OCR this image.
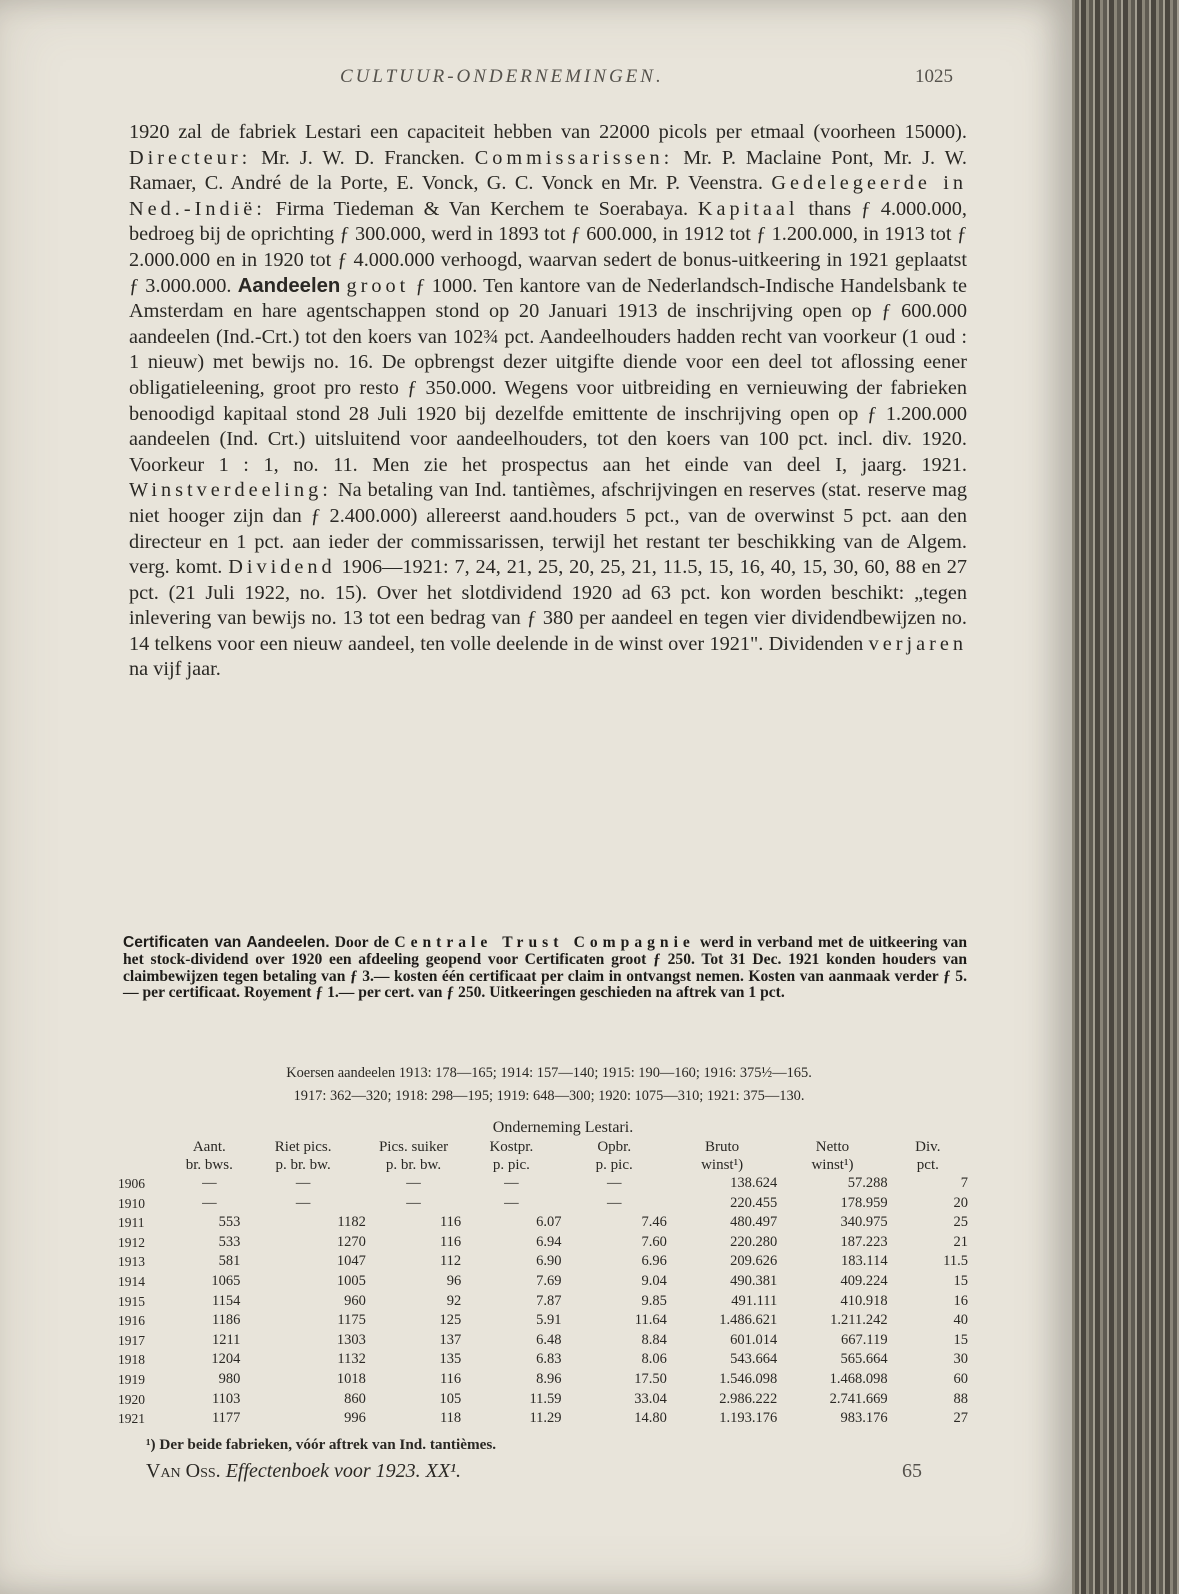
CULTUUR-ONDERNEMINGEN.	1025

1920 zal de fabriek Lestari een capaciteit hebben van 22000 picols per etmaal (voorheen 15000). Directeur: Mr. J. W. D. Francken. Commissarissen: Mr. P. Maclaine Pont, Mr. J. W. Ramaer, C. André de la Porte, E. Vonck, G. C. Vonck en Mr. P. Veenstra. Gedelegeerde in Ned.-Indië: Firma Tiedeman & Van Kerchem te Soerabaya. Kapitaal thans ƒ 4.000.000, bedroeg bij de oprichting ƒ 300.000, werd in 1893 tot ƒ 600.000, in 1912 tot ƒ 1.200.000, in 1913 tot ƒ 2.000.000 en in 1920 tot ƒ 4.000.000 verhoogd, waarvan sedert de bonus-uitkeering in 1921 geplaatst ƒ 3.000.000. Aandeelen groot ƒ 1000. Ten kantore van de Nederlandsch-Indische Handelsbank te Amsterdam en hare agentschappen stond op 20 Januari 1913 de inschrijving open op ƒ 600.000 aandeelen (Ind.-Crt.) tot den koers van 102¾ pct. Aandeelhouders hadden recht van voorkeur (1 oud : 1 nieuw) met bewijs no. 16. De opbrengst dezer uitgifte diende voor een deel tot aflossing eener obligatieleening, groot pro resto ƒ 350.000. Wegens voor uitbreiding en vernieuwing der fabrieken benoodigd kapitaal stond 28 Juli 1920 bij dezelfde emittente de inschrijving open op ƒ 1.200.000 aandeelen (Ind. Crt.) uitsluitend voor aandeelhouders, tot den koers van 100 pct. incl. div. 1920. Voorkeur 1 : 1, no. 11. Men zie het prospectus aan het einde van deel I, jaarg. 1921. Winstverdeeling: Na betaling van Ind. tantièmes, afschrijvingen en reserves (stat. reserve mag niet hooger zijn dan ƒ 2.400.000) allereerst aand.houders 5 pct., van de overwinst 5 pct. aan den directeur en 1 pct. aan ieder der commissarissen, terwijl het restant ter beschikking van de Algem. verg. komt. Dividend 1906—1921: 7, 24, 21, 25, 20, 25, 21, 11.5, 15, 16, 40, 15, 30, 60, 88 en 27 pct. (21 Juli 1922, no. 15). Over het slotdividend 1920 ad 63 pct. kon worden beschikt: „tegen inlevering van bewijs no. 13 tot een bedrag van ƒ 380 per aandeel en tegen vier dividendbewijzen no. 14 telkens voor een nieuw aandeel, ten volle deelende in de winst over 1921". Dividenden verjaren na vijf jaar.

Certificaten van Aandeelen. Door de Centrale Trust Compagnie werd in verband met de uitkeering van het stock-dividend over 1920 een afdeeling geopend voor Certificaten groot ƒ 250. Tot 31 Dec. 1921 konden houders van claimbewijzen tegen betaling van ƒ 3.— kosten één certificaat per claim in ontvangst nemen. Kosten van aanmaak verder ƒ 5.— per certificaat. Royement ƒ 1.— per cert. van ƒ 250. Uitkeeringen geschieden na aftrek van 1 pct.
Koersen aandeelen 1913: 178—165; 1914: 157—140; 1915: 190—160; 1916: 375½—165.
1917: 362—320; 1918: 298—195; 1919: 648—300; 1920: 1075—310; 1921: 375—130.
Onderneming Lestari.
	Aant.	Riet pics.	Pics. suiker	Kostpr.	Opbr.	Bruto	Netto	Div.
	br. bws.	p. br. bw.	p. br. bw.	p. pic.	p. pic.	winst¹)	winst¹)	pct.
1906	—	—	—	—	—	138.624	57.288	7
1910	—	—	—	—	—	220.455	178.959	20
1911	553	1182	116	6.07	7.46	480.497	340.975	25
1912	533	1270	116	6.94	7.60	220.280	187.223	21
1913	581	1047	112	6.90	6.96	209.626	183.114	11.5
1914	1065	1005	96	7.69	9.04	490.381	409.224	15
1915	1154	960	92	7.87	9.85	491.111	410.918	16
1916	1186	1175	125	5.91	11.64	1.486.621	1.211.242	40
1917	1211	1303	137	6.48	8.84	601.014	667.119	15
1918	1204	1132	135	6.83	8.06	543.664	565.664	30
1919	980	1018	116	8.96	17.50	1.546.098	1.468.098	60
1920	1103	860	105	11.59	33.04	2.986.222	2.741.669	88
1921	1177	996	118	11.29	14.80	1.193.176	983.176	27
¹) Der beide fabrieken, vóór aftrek van Ind. tantièmes.
Van Oss. Effectenboek voor 1923. XX¹.	65
